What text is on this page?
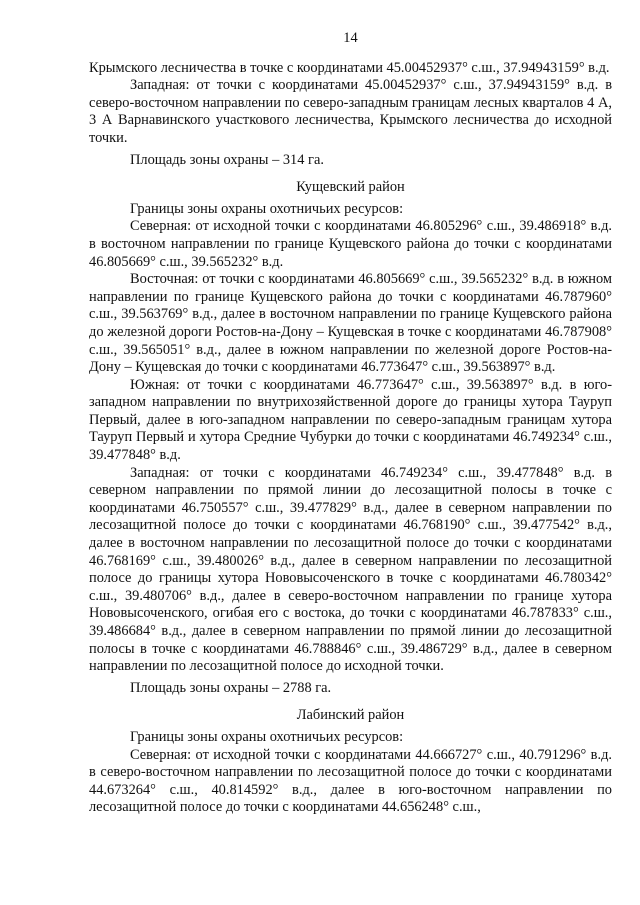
14

Крымского лесничества в точке с координатами 45.00452937° с.ш., 37.94943159° в.д.

Западная: от точки с координатами 45.00452937° с.ш., 37.94943159° в.д. в северо-восточном направлении по северо-западным границам лесных кварталов 4 А, 3 А Варнавинского участкового лесничества, Крымского лесничества до исходной точки.

Площадь зоны охраны – 314 га.

Кущевский район

Границы зоны охраны охотничьих ресурсов:

Северная: от исходной точки с координатами 46.805296° с.ш., 39.486918° в.д. в восточном направлении по границе Кущевского района до точки с координатами 46.805669° с.ш., 39.565232° в.д.

Восточная: от точки с координатами 46.805669° с.ш., 39.565232° в.д. в южном направлении по границе Кущевского района до точки с координатами 46.787960° с.ш., 39.563769° в.д., далее в восточном направлении по границе Кущевского района до железной дороги Ростов-на-Дону – Кущевская в точке с координатами 46.787908° с.ш., 39.565051° в.д., далее в южном направлении по железной дороге Ростов-на-Дону – Кущевская до точки с координатами 46.773647° с.ш., 39.563897° в.д.

Южная: от точки с координатами 46.773647° с.ш., 39.563897° в.д. в юго-западном направлении по внутрихозяйственной дороге до границы хутора Тауруп Первый, далее в юго-западном направлении по северо-западным границам хутора Тауруп Первый и хутора Средние Чубурки до точки с координатами 46.749234° с.ш., 39.477848° в.д.

Западная: от точки с координатами 46.749234° с.ш., 39.477848° в.д. в северном направлении по прямой линии до лесозащитной полосы в точке с координатами 46.750557° с.ш., 39.477829° в.д., далее в северном направлении по лесозащитной полосе до точки с координатами 46.768190° с.ш., 39.477542° в.д., далее в восточном направлении по лесозащитной полосе до точки с координатами 46.768169° с.ш., 39.480026° в.д., далее в северном направлении по лесозащитной полосе до границы хутора Нововысоченского в точке с координатами 46.780342° с.ш., 39.480706° в.д., далее в северо-восточном направлении по границе хутора Нововысоченского, огибая его с востока, до точки с координатами 46.787833° с.ш., 39.486684° в.д., далее в северном направлении по прямой линии до лесозащитной полосы в точке с координатами 46.788846° с.ш., 39.486729° в.д., далее в северном направлении по лесозащитной полосе до исходной точки.

Площадь зоны охраны – 2788 га.

Лабинский район

Границы зоны охраны охотничьих ресурсов:

Северная: от исходной точки с координатами 44.666727° с.ш., 40.791296° в.д. в северо-восточном направлении по лесозащитной полосе до точки с координатами 44.673264° с.ш., 40.814592° в.д., далее в юго-восточном направлении по лесозащитной полосе до точки с координатами 44.656248° с.ш.,
